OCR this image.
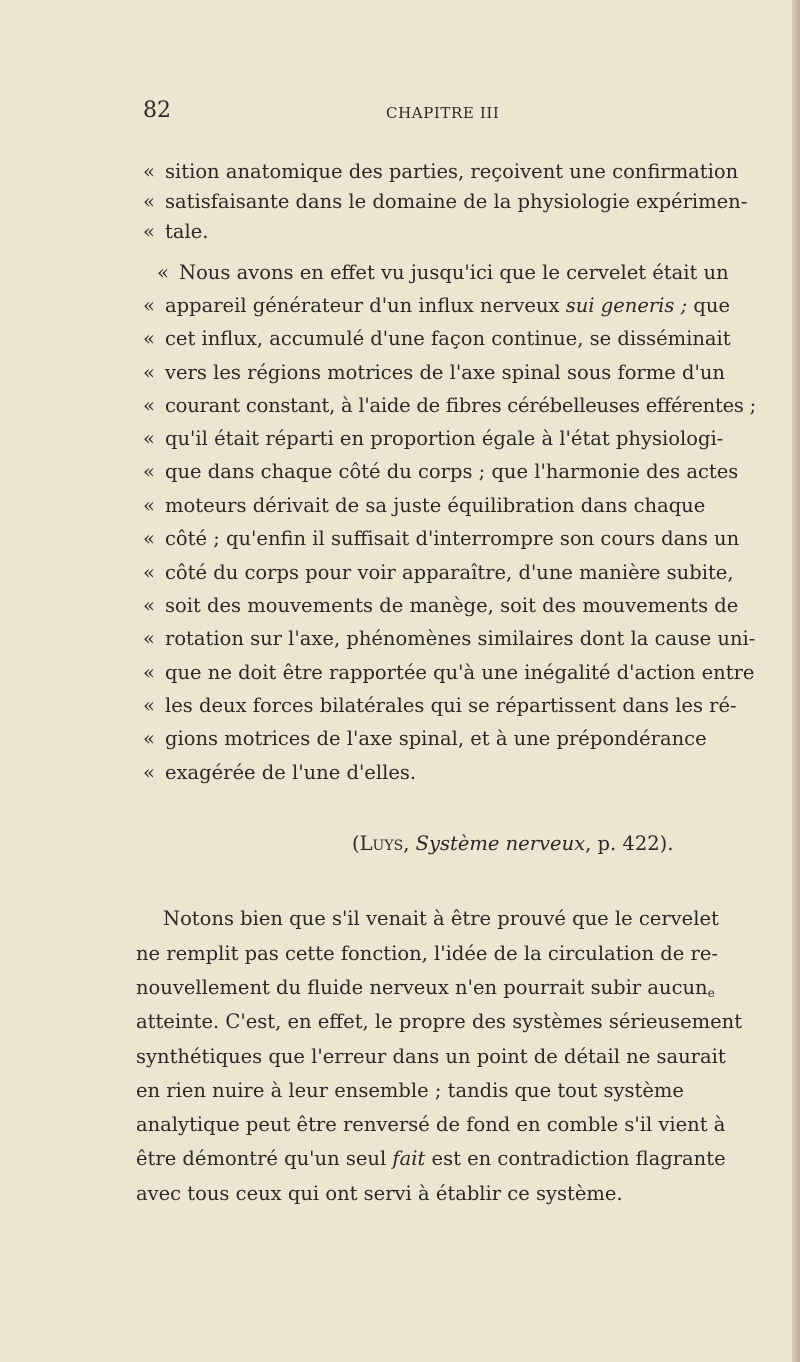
82	CHAPITRE III
« sition anatomique des parties, reçoivent une confirmation
« satisfaisante dans le domaine de la physiologie expérimen-
« tale.
« Nous avons en effet vu jusqu'ici que le cervelet était un
« appareil générateur d'un influx nerveux sui generis ; que
« cet influx, accumulé d'une façon continue, se disséminait
« vers les régions motrices de l'axe spinal sous forme d'un
« courant constant, à l'aide de fibres cérébelleuses efférentes ;
« qu'il était réparti en proportion égale à l'état physiologi-
« que dans chaque côté du corps ; que l'harmonie des actes
« moteurs dérivait de sa juste équilibration dans chaque
« côté ; qu'enfin il suffisait d'interrompre son cours dans un
« côté du corps pour voir apparaître, d'une manière subite,
« soit des mouvements de manège, soit des mouvements de
« rotation sur l'axe, phénomènes similaires dont la cause uni-
« que ne doit être rapportée qu'à une inégalité d'action entre
« les deux forces bilatérales qui se répartissent dans les ré-
« gions motrices de l'axe spinal, et à une prépondérance
« exagérée de l'une d'elles.
(Luys, Système nerveux, p. 422).
Notons bien que s'il venait à être prouvé que le cervelet
ne remplit pas cette fonction, l'idée de la circulation de re-
nouvellement du fluide nerveux n'en pourrait subir aucun$_e$
atteinte. C'est, en effet, le propre des systèmes sérieusement
synthétiques que l'erreur dans un point de détail ne saurait
en rien nuire à leur ensemble ; tandis que tout système
analytique peut être renversé de fond en comble s'il vient à
être démontré qu'un seul fait est en contradiction flagrante
avec tous ceux qui ont servi à établir ce système.
